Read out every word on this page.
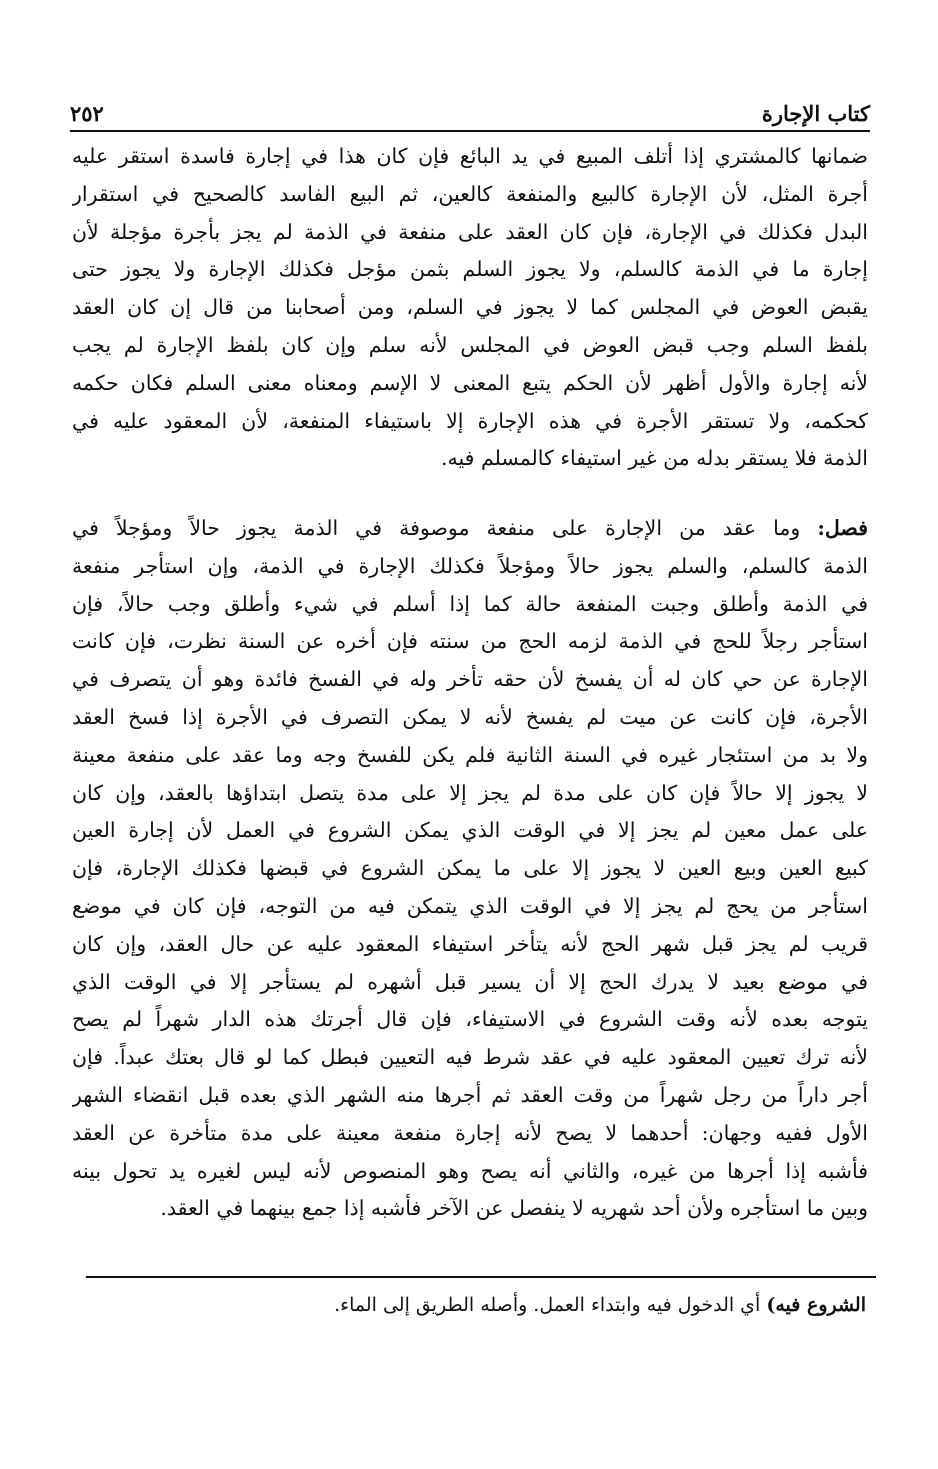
كتاب الإجارة
٢٥٢
ضمانها كالمشتري إذا أتلف المبيع في يد البائع فإن كان هذا في إجارة فاسدة استقر عليه
أجرة المثل، لأن الإجارة كالبيع والمنفعة كالعين، ثم البيع الفاسد كالصحيح في استقرار
البدل فكذلك في الإجارة، فإن كان العقد على منفعة في الذمة لم يجز بأجرة مؤجلة لأن
إجارة ما في الذمة كالسلم، ولا يجوز السلم بثمن مؤجل فكذلك الإجارة ولا يجوز حتى
يقبض العوض في المجلس كما لا يجوز في السلم، ومن أصحابنا من قال إن كان العقد
بلفظ السلم وجب قبض العوض في المجلس لأنه سلم وإن كان بلفظ الإجارة لم يجب
لأنه إجارة والأول أظهر لأن الحكم يتبع المعنى لا الإسم ومعناه معنى السلم فكان حكمه
كحكمه، ولا تستقر الأجرة في هذه الإجارة إلا باستيفاء المنفعة، لأن المعقود عليه في
الذمة فلا يستقر بدله من غير استيفاء كالمسلم فيه.
فصل: وما عقد من الإجارة على منفعة موصوفة في الذمة يجوز حالاً ومؤجلاً في
الذمة كالسلم، والسلم يجوز حالاً ومؤجلاً فكذلك الإجارة في الذمة، وإن استأجر منفعة
في الذمة وأطلق وجبت المنفعة حالة كما إذا أسلم في شيء وأطلق وجب حالاً، فإن
استأجر رجلاً للحج في الذمة لزمه الحج من سنته فإن أخره عن السنة نظرت، فإن كانت
الإجارة عن حي كان له أن يفسخ لأن حقه تأخر وله في الفسخ فائدة وهو أن يتصرف في
الأجرة، فإن كانت عن ميت لم يفسخ لأنه لا يمكن التصرف في الأجرة إذا فسخ العقد
ولا بد من استئجار غيره في السنة الثانية فلم يكن للفسخ وجه وما عقد على منفعة معينة
لا يجوز إلا حالاً فإن كان على مدة لم يجز إلا على مدة يتصل ابتداؤها بالعقد، وإن كان
على عمل معين لم يجز إلا في الوقت الذي يمكن الشروع في العمل لأن إجارة العين
كبيع العين وبيع العين لا يجوز إلا على ما يمكن الشروع في قبضها فكذلك الإجارة، فإن
استأجر من يحج لم يجز إلا في الوقت الذي يتمكن فيه من التوجه، فإن كان في موضع
قريب لم يجز قبل شهر الحج لأنه يتأخر استيفاء المعقود عليه عن حال العقد، وإن كان
في موضع بعيد لا يدرك الحج إلا أن يسير قبل أشهره لم يستأجر إلا في الوقت الذي
يتوجه بعده لأنه وقت الشروع في الاستيفاء، فإن قال أجرتك هذه الدار شهراً لم يصح
لأنه ترك تعيين المعقود عليه في عقد شرط فيه التعيين فبطل كما لو قال بعتك عبداً. فإن
أجر داراً من رجل شهراً من وقت العقد ثم أجرها منه الشهر الذي بعده قبل انقضاء الشهر
الأول ففيه وجهان: أحدهما لا يصح لأنه إجارة منفعة معينة على مدة متأخرة عن العقد
فأشبه إذا أجرها من غيره، والثاني أنه يصح وهو المنصوص لأنه ليس لغيره يد تحول بينه
وبين ما استأجره ولأن أحد شهريه لا ينفصل عن الآخر فأشبه إذا جمع بينهما في العقد.
الشروع فيه) أي الدخول فيه وابتداء العمل. وأصله الطريق إلى الماء.
